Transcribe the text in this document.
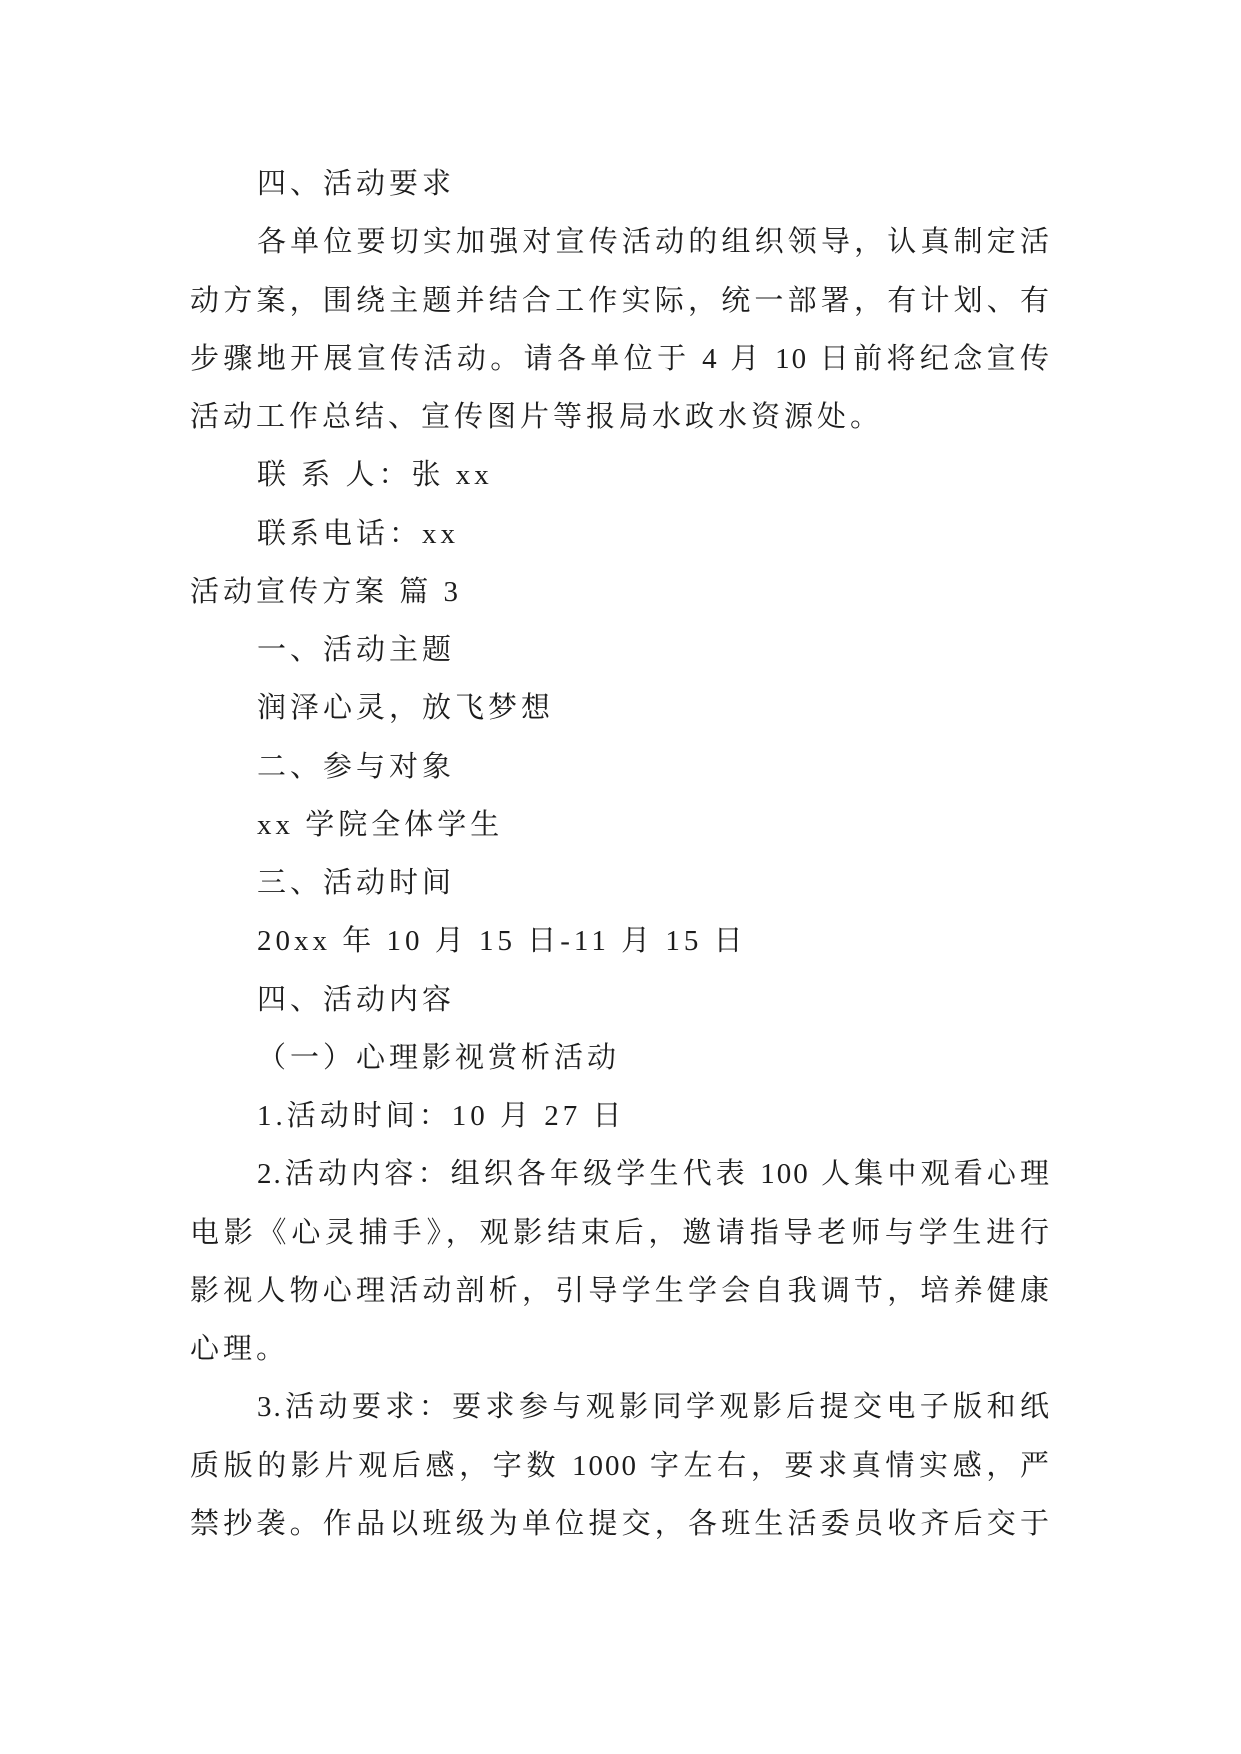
四、活动要求
各单位要切实加强对宣传活动的组织领导，认真制定活
动方案，围绕主题并结合工作实际，统一部署，有计划、有
步骤地开展宣传活动。请各单位于 4 月 10 日前将纪念宣传
活动工作总结、宣传图片等报局水政水资源处。
联 系 人：张 xx
联系电话：xx
活动宣传方案 篇 3
一、活动主题
润泽心灵，放飞梦想
二、参与对象
xx 学院全体学生
三、活动时间
20xx 年 10 月 15 日-11 月 15 日
四、活动内容
（一）心理影视赏析活动
1.活动时间：10 月 27 日
2.活动内容：组织各年级学生代表 100 人集中观看心理
电影《心灵捕手》，观影结束后，邀请指导老师与学生进行
影视人物心理活动剖析，引导学生学会自我调节，培养健康
心理。
3.活动要求：要求参与观影同学观影后提交电子版和纸
质版的影片观后感，字数 1000 字左右，要求真情实感，严
禁抄袭。作品以班级为单位提交，各班生活委员收齐后交于
